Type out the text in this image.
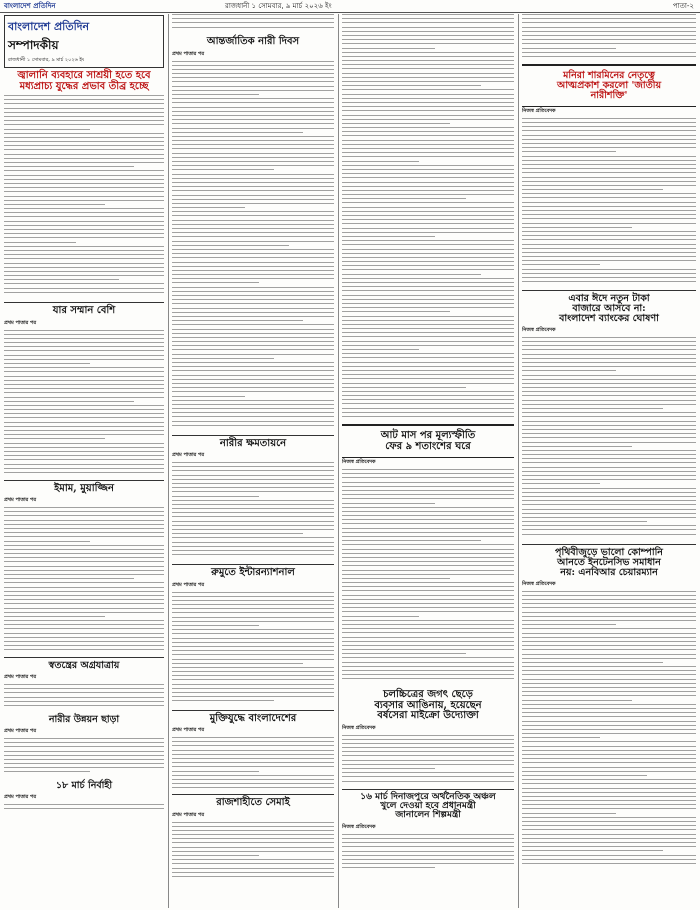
বাংলাদেশ প্রতিদিন	রাজধানী ১ সোমবার, ৯ মার্চ ২০২৬ ইং	পাতা-২
বাংলাদেশ প্রতিদিন
সম্পাদকীয়
রাজধানী ১ সোমবার, ৯ মার্চ ২০২৬ ইং
জ্বালানি ব্যবহারে সাশ্রয়ী হতে হবে
মধ্যপ্রাচ্য যুদ্ধের প্রভাব তীব্র হচ্ছে
যার সম্মান বেশি
প্রথম পাতার পর
ইমাম, মুয়াজ্জিন
প্রথম পাতার পর
স্বতন্ত্রের অগ্রযাত্রায়
প্রথম পাতার পর
নারীর উন্নয়ন ছাড়া
প্রথম পাতার পর
১৮ মার্চ নির্বাহী
প্রথম পাতার পর
আন্তর্জাতিক নারী দিবস
প্রথম পাতার পর
নারীর ক্ষমতায়নে
প্রথম পাতার পর
রুমুতে ইন্টারন্যাশনাল
প্রথম পাতার পর
মুক্তিযুদ্ধে বাংলাদেশের
প্রথম পাতার পর
রাজশাহীতে সেমাই
প্রথম পাতার পর
আট মাস পর মূল্যস্ফীতি
ফের ৯ শতাংশের ঘরে
নিজস্ব প্রতিবেদক
চলচ্চিত্রের জগৎ ছেড়ে
ব্যবসার আঙিনায়, হয়েছেন
বর্ষসেরা মাইক্রো উদ্যোক্তা
নিজস্ব প্রতিবেদক
১৬ মার্চ দিনাজপুরে অর্থনৈতিক অঞ্চল
খুলে দেওয়া হবে প্রধানমন্ত্রী
জানালেন শিল্পমন্ত্রী
নিজস্ব প্রতিবেদক
মনিরা শারমিনের নেতৃত্বে
আত্মপ্রকাশ করলো 'জাতীয়
নারীশক্তি'
নিজস্ব প্রতিবেদক
এবার ঈদে নতুন টাকা
বাজারে আসবে না:
বাংলাদেশ ব্যাংকের ঘোষণা
নিজস্ব প্রতিবেদক
পৃথিবীজুড়ে ভালো কোম্পানি
আনতে ইনটেনসিভ সমাধান
নয়: এনবিআর চেয়ারম্যান
নিজস্ব প্রতিবেদক
